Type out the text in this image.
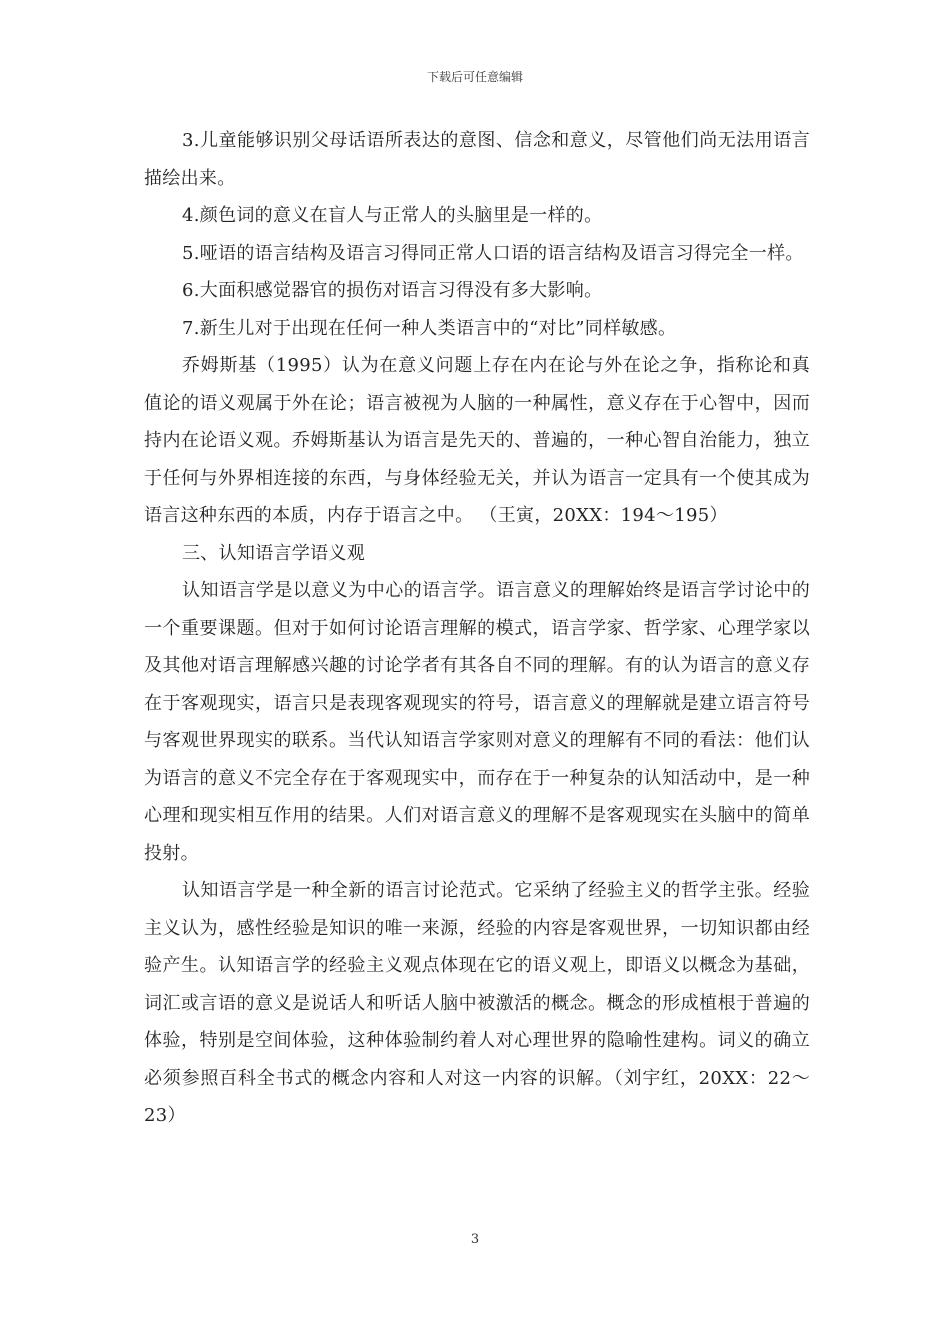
下载后可任意编辑

3.儿童能够识别父母话语所表达的意图、信念和意义，尽管他们尚无法用语言描绘出来。

4.颜色词的意义在盲人与正常人的头脑里是一样的。

5.哑语的语言结构及语言习得同正常人口语的语言结构及语言习得完全一样。

6.大面积感觉器官的损伤对语言习得没有多大影响。

7.新生儿对于出现在任何一种人类语言中的“对比”同样敏感。

乔姆斯基（1995）认为在意义问题上存在内在论与外在论之争，指称论和真值论的语义观属于外在论；语言被视为人脑的一种属性，意义存在于心智中，因而持内在论语义观。乔姆斯基认为语言是先天的、普遍的，一种心智自治能力，独立于任何与外界相连接的东西，与身体经验无关，并认为语言一定具有一个使其成为语言这种东西的本质，内存于语言之中。 （王寅，20XX：194～195）

三、认知语言学语义观

认知语言学是以意义为中心的语言学。语言意义的理解始终是语言学讨论中的一个重要课题。但对于如何讨论语言理解的模式，语言学家、哲学家、心理学家以及其他对语言理解感兴趣的讨论学者有其各自不同的理解。有的认为语言的意义存在于客观现实，语言只是表现客观现实的符号，语言意义的理解就是建立语言符号与客观世界现实的联系。当代认知语言学家则对意义的理解有不同的看法：他们认为语言的意义不完全存在于客观现实中，而存在于一种复杂的认知活动中，是一种心理和现实相互作用的结果。人们对语言意义的理解不是客观现实在头脑中的简单投射。

认知语言学是一种全新的语言讨论范式。它采纳了经验主义的哲学主张。经验主义认为，感性经验是知识的唯一来源，经验的内容是客观世界，一切知识都由经验产生。认知语言学的经验主义观点体现在它的语义观上，即语义以概念为基础，词汇或言语的意义是说话人和听话人脑中被激活的概念。概念的形成植根于普遍的体验，特别是空间体验，这种体验制约着人对心理世界的隐喻性建构。词义的确立必须参照百科全书式的概念内容和人对这一内容的识解。（刘宇红，20XX：22～23）

3
